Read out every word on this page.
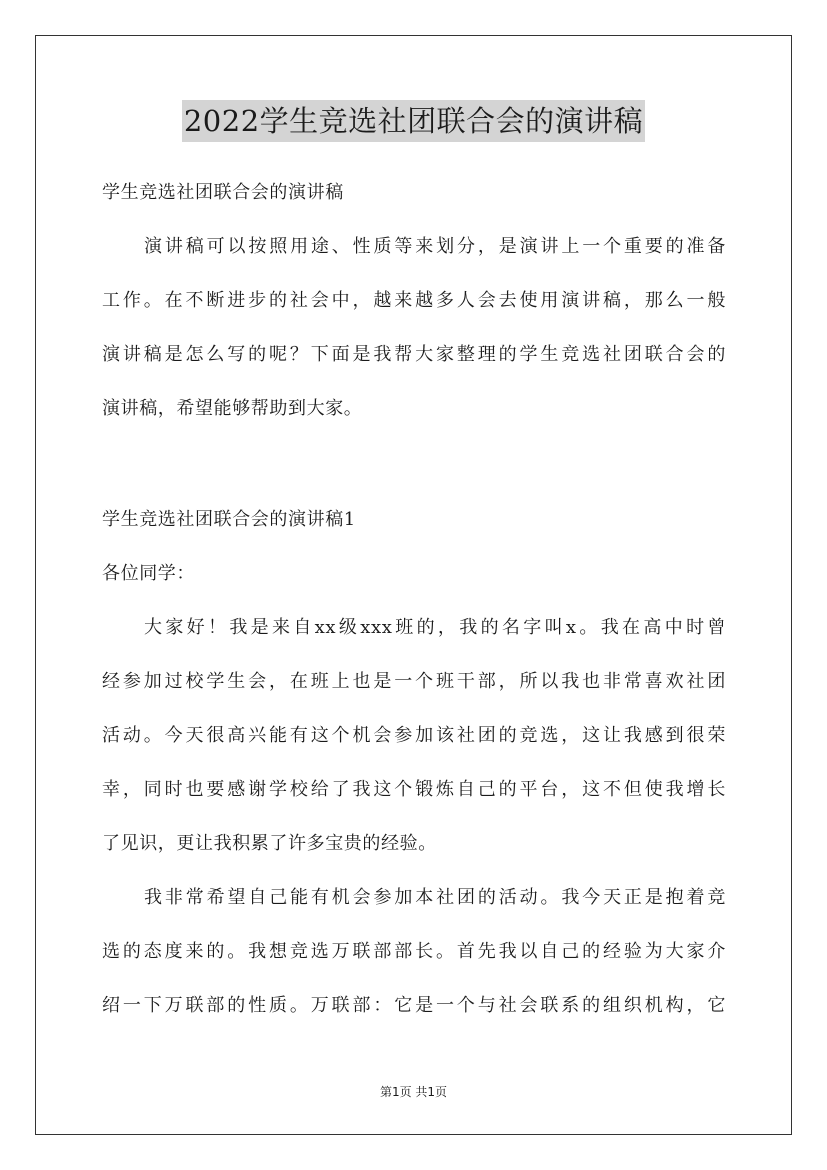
2022学生竞选社团联合会的演讲稿
学生竞选社团联合会的演讲稿
演讲稿可以按照用途、性质等来划分，是演讲上一个重要的准备
工作。在不断进步的社会中，越来越多人会去使用演讲稿，那么一般
演讲稿是怎么写的呢？下面是我帮大家整理的学生竞选社团联合会的
演讲稿，希望能够帮助到大家。
学生竞选社团联合会的演讲稿1
各位同学：
大家好！我是来自xx级xxx班的，我的名字叫x。我在高中时曾
经参加过校学生会，在班上也是一个班干部，所以我也非常喜欢社团
活动。今天很高兴能有这个机会参加该社团的竞选，这让我感到很荣
幸，同时也要感谢学校给了我这个锻炼自己的平台，这不但使我增长
了见识，更让我积累了许多宝贵的经验。
我非常希望自己能有机会参加本社团的活动。我今天正是抱着竞
选的态度来的。我想竞选万联部部长。首先我以自己的经验为大家介
绍一下万联部的性质。万联部：它是一个与社会联系的组织机构，它
第1页 共1页
